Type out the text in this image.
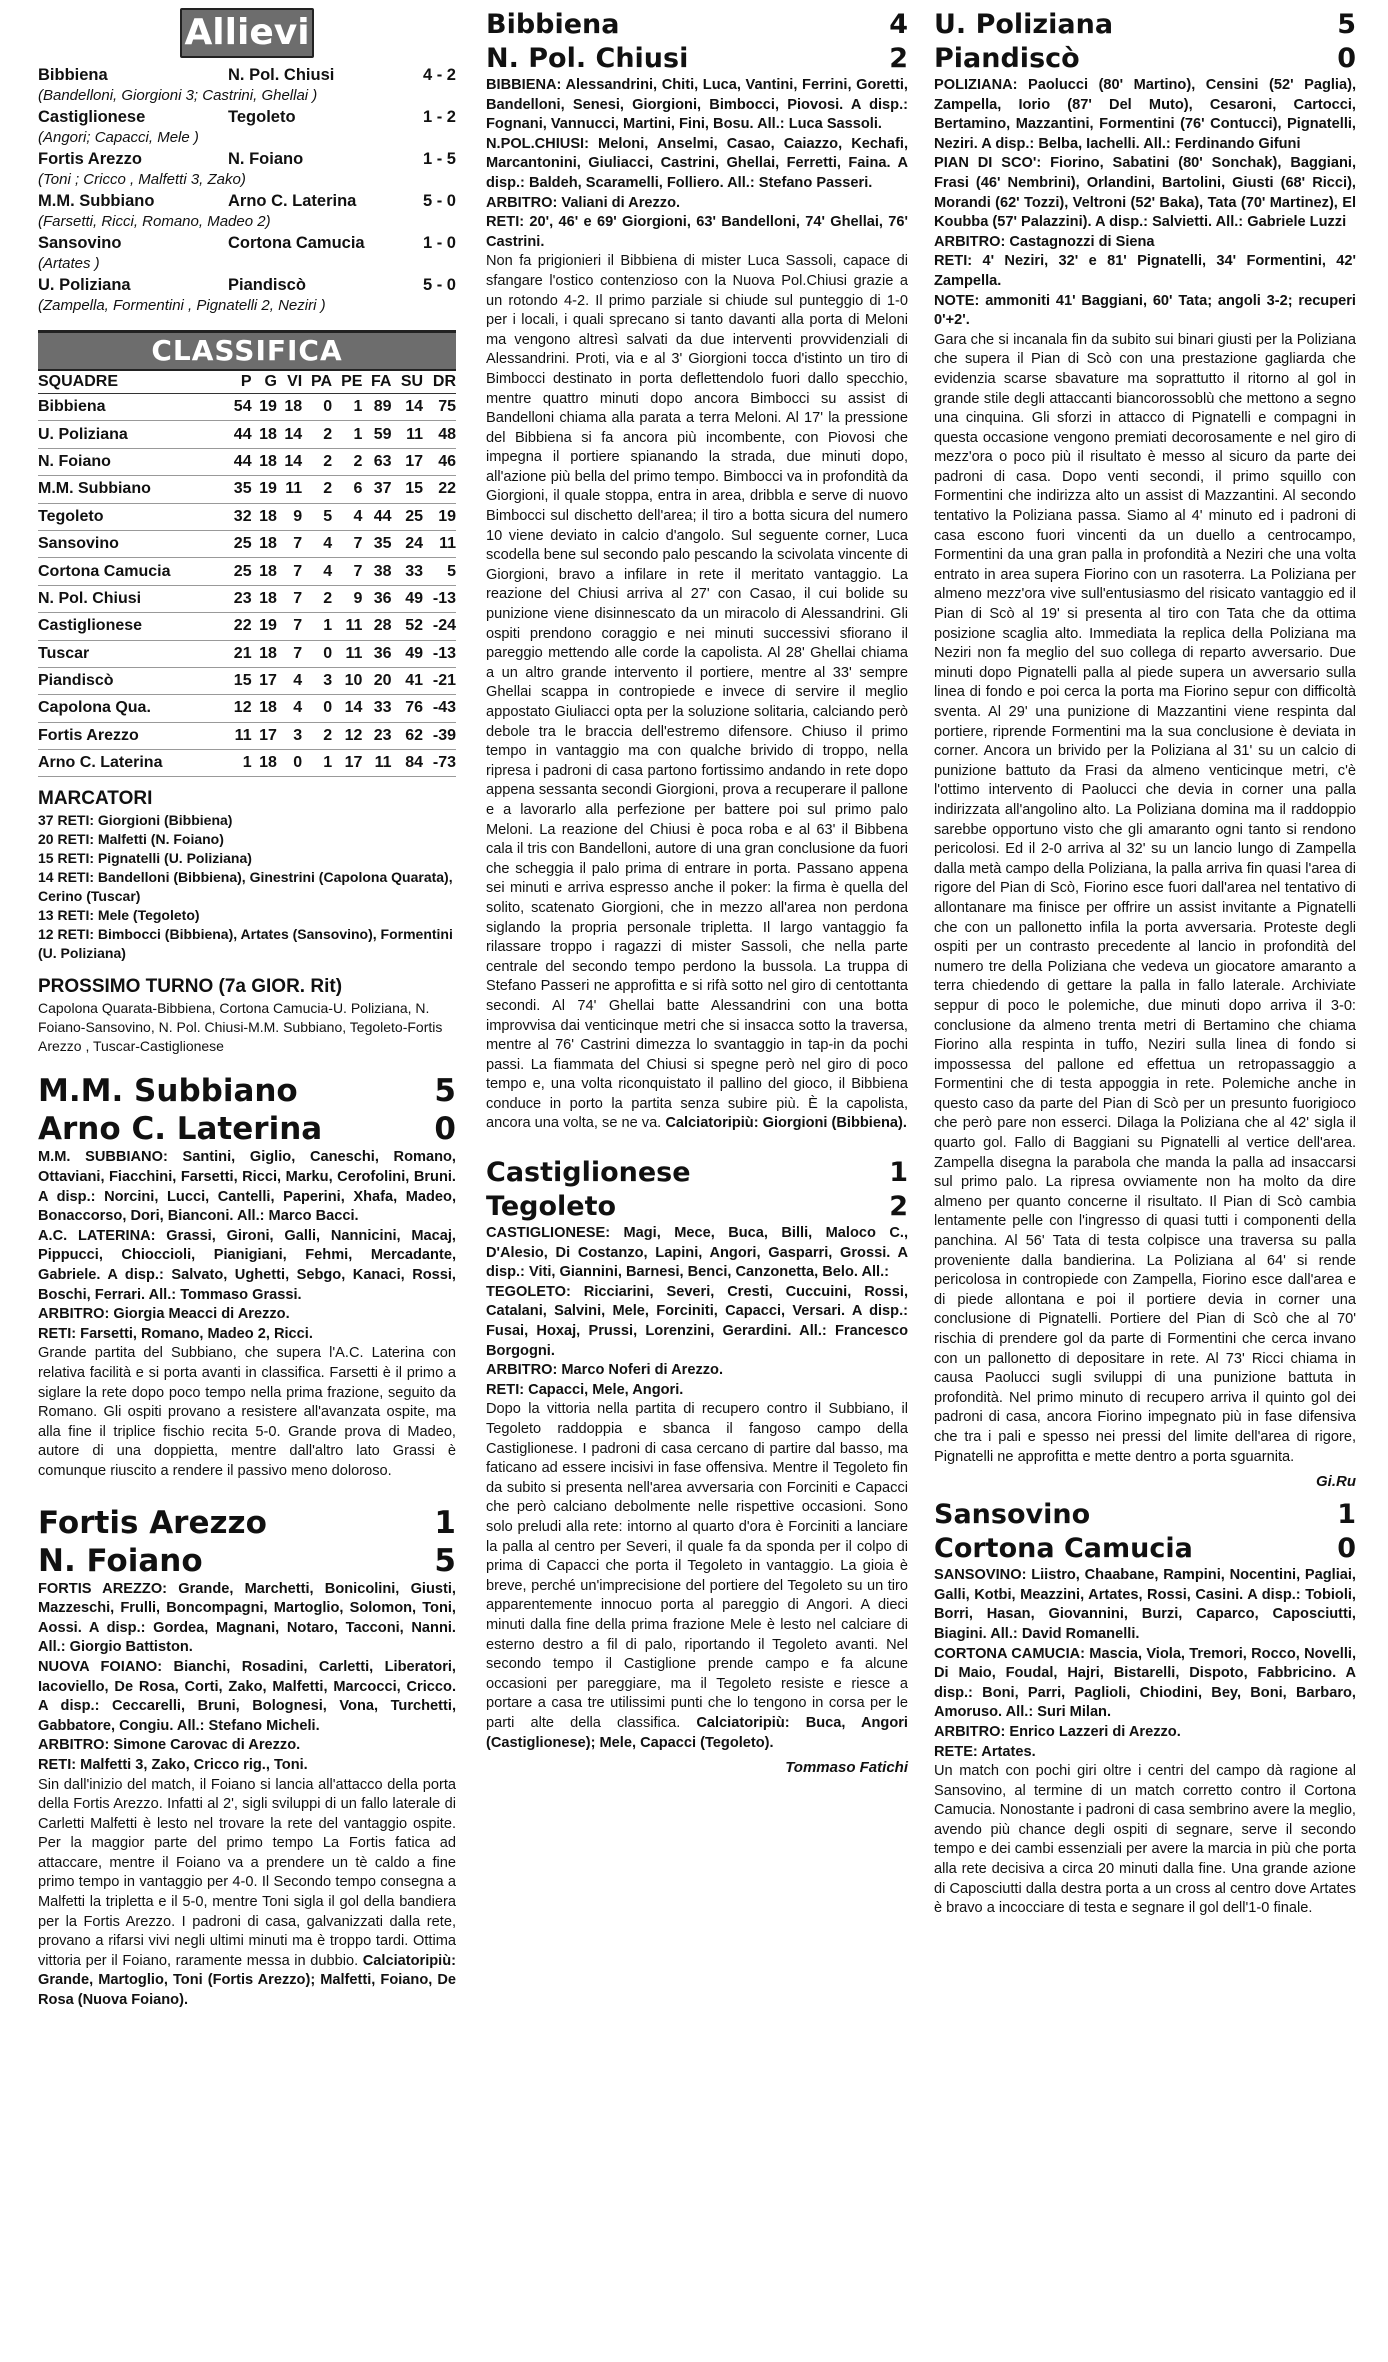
Allievi
Bibbiena	N. Pol. Chiusi	4 - 2
(Bandelloni, Giorgioni 3; Castrini, Ghellai )
Castiglionese	Tegoleto	1 - 2
(Angori; Capacci, Mele )
Fortis Arezzo	N. Foiano	1 - 5
(Toni ; Cricco , Malfetti 3, Zako)
M.M. Subbiano	Arno C. Laterina	5 - 0
(Farsetti, Ricci, Romano, Madeo 2)
Sansovino	Cortona Camucia	1 - 0
(Artates )
U. Poliziana	Piandiscò	5 - 0
(Zampella, Formentini , Pignatelli 2, Neziri )
CLASSIFICA
SQUADRE	P	G	VI	PA	PE	FA	SU	DR
Bibbiena	54	19	18	0	1	89	14	75
U. Poliziana	44	18	14	2	1	59	11	48
N. Foiano	44	18	14	2	2	63	17	46
M.M. Subbiano	35	19	11	2	6	37	15	22
Tegoleto	32	18	9	5	4	44	25	19
Sansovino	25	18	7	4	7	35	24	11
Cortona Camucia	25	18	7	4	7	38	33	5
N. Pol. Chiusi	23	18	7	2	9	36	49	-13
Castiglionese	22	19	7	1	11	28	52	-24
Tuscar	21	18	7	0	11	36	49	-13
Piandiscò	15	17	4	3	10	20	41	-21
Capolona Qua.	12	18	4	0	14	33	76	-43
Fortis Arezzo	11	17	3	2	12	23	62	-39
Arno C. Laterina	1	18	0	1	17	11	84	-73
MARCATORI
37 RETI: Giorgioni (Bibbiena)
20 RETI: Malfetti (N. Foiano)
15 RETI: Pignatelli (U. Poliziana)
14 RETI: Bandelloni (Bibbiena), Ginestrini (Capolona Quarata), Cerino (Tuscar)
13 RETI: Mele (Tegoleto)
12 RETI: Bimbocci (Bibbiena), Artates (Sansovino), Formentini (U. Poliziana)
PROSSIMO TURNO (7a GIOR. Rit)
Capolona Quarata-Bibbiena, Cortona Camucia-U. Poliziana, N. Foiano-Sansovino, N. Pol. Chiusi-M.M. Subbiano, Tegoleto-Fortis Arezzo , Tuscar-Castiglionese
M.M. Subbiano	5
Arno C. Laterina	0
M.M. SUBBIANO: Santini, Giglio, Caneschi, Romano, Ottaviani, Fiacchini, Farsetti, Ricci, Marku, Cerofolini, Bruni. A disp.: Norcini, Lucci, Cantelli, Paperini, Xhafa, Madeo, Bonaccorso, Dori, Bianconi. All.: Marco Bacci.
A.C. LATERINA: Grassi, Gironi, Galli, Nannicini, Macaj, Pippucci, Chioccioli, Pianigiani, Fehmi, Mercadante, Gabriele. A disp.: Salvato, Ughetti, Sebgo, Kanaci, Rossi, Boschi, Ferrari. All.: Tommaso Grassi.
ARBITRO: Giorgia Meacci di Arezzo.
RETI: Farsetti, Romano, Madeo 2, Ricci.
Grande partita del Subbiano, che supera l'A.C. Laterina con relativa facilità e si porta avanti in classifica. Farsetti è il primo a siglare la rete dopo poco tempo nella prima frazione, seguito da Romano. Gli ospiti provano a resistere all'avanzata ospite, ma alla fine il triplice fischio recita 5-0. Grande prova di Madeo, autore di una doppietta, mentre dall'altro lato Grassi è comunque riuscito a rendere il passivo meno doloroso.
Fortis Arezzo	1
N. Foiano	5
FORTIS AREZZO: Grande, Marchetti, Bonicolini, Giusti, Mazzeschi, Frulli, Boncompagni, Martoglio, Solomon, Toni, Aossi. A disp.: Gordea, Magnani, Notaro, Tacconi, Nanni. All.: Giorgio Battiston.
NUOVA FOIANO: Bianchi, Rosadini, Carletti, Liberatori, Iacoviello, De Rosa, Corti, Zako, Malfetti, Marcocci, Cricco. A disp.: Ceccarelli, Bruni, Bolognesi, Vona, Turchetti, Gabbatore, Congiu. All.: Stefano Micheli.
ARBITRO: Simone Carovac di Arezzo.
RETI: Malfetti 3, Zako, Cricco rig., Toni.
Sin dall'inizio del match, il Foiano si lancia all'attacco della porta della Fortis Arezzo. Infatti al 2', sigli sviluppi di un fallo laterale di Carletti Malfetti è lesto nel trovare la rete del vantaggio ospite. Per la maggior parte del primo tempo La Fortis fatica ad attaccare, mentre il Foiano va a prendere un tè caldo a fine primo tempo in vantaggio per 4-0. Il Secondo tempo consegna a Malfetti la tripletta e il 5-0, mentre Toni sigla il gol della bandiera per la Fortis Arezzo. I padroni di casa, galvanizzati dalla rete, provano a rifarsi vivi negli ultimi minuti ma è troppo tardi. Ottima vittoria per il Foiano, raramente messa in dubbio. Calciatoripiù: Grande, Martoglio, Toni (Fortis Arezzo); Malfetti, Foiano, De Rosa (Nuova Foiano).
Bibbiena	4
N. Pol. Chiusi	2
BIBBIENA: Alessandrini, Chiti, Luca, Vantini, Ferrini, Goretti, Bandelloni, Senesi, Giorgioni, Bimbocci, Piovosi. A disp.: Fognani, Vannucci, Martini, Fini, Bosu. All.: Luca Sassoli.
N.POL.CHIUSI: Meloni, Anselmi, Casao, Caiazzo, Kechafi, Marcantonini, Giuliacci, Castrini, Ghellai, Ferretti, Faina. A disp.: Baldeh, Scaramelli, Folliero. All.: Stefano Passeri.
ARBITRO: Valiani di Arezzo.
RETI: 20', 46' e 69' Giorgioni, 63' Bandelloni, 74' Ghellai, 76' Castrini.
Non fa prigionieri il Bibbiena di mister Luca Sassoli, capace di sfangare l'ostico contenzioso con la Nuova Pol.Chiusi grazie a un rotondo 4-2. Il primo parziale si chiude sul punteggio di 1-0 per i locali, i quali sprecano si tanto davanti alla porta di Meloni ma vengono altresì salvati da due interventi provvidenziali di Alessandrini. Proti, via e al 3' Giorgioni tocca d'istinto un tiro di Bimbocci destinato in porta deflettendolo fuori dallo specchio, mentre quattro minuti dopo ancora Bimbocci su assist di Bandelloni chiama alla parata a terra Meloni. Al 17' la pressione del Bibbiena si fa ancora più incombente, con Piovosi che impegna il portiere spianando la strada, due minuti dopo, all'azione più bella del primo tempo. Bimbocci va in profondità da Giorgioni, il quale stoppa, entra in area, dribbla e serve di nuovo Bimbocci sul dischetto dell'area; il tiro a botta sicura del numero 10 viene deviato in calcio d'angolo. Sul seguente corner, Luca scodella bene sul secondo palo pescando la scivolata vincente di Giorgioni, bravo a infilare in rete il meritato vantaggio. La reazione del Chiusi arriva al 27' con Casao, il cui bolide su punizione viene disinnescato da un miracolo di Alessandrini. Gli ospiti prendono coraggio e nei minuti successivi sfiorano il pareggio mettendo alle corde la capolista. Al 28' Ghellai chiama a un altro grande intervento il portiere, mentre al 33' sempre Ghellai scappa in contropiede e invece di servire il meglio appostato Giuliacci opta per la soluzione solitaria, calciando però debole tra le braccia dell'estremo difensore. Chiuso il primo tempo in vantaggio ma con qualche brivido di troppo, nella ripresa i padroni di casa partono fortissimo andando in rete dopo appena sessanta secondi Giorgioni, prova a recuperare il pallone e a lavorarlo alla perfezione per battere poi sul primo palo Meloni. La reazione del Chiusi è poca roba e al 63' il Bibbena cala il tris con Bandelloni, autore di una gran conclusione da fuori che scheggia il palo prima di entrare in porta. Passano appena sei minuti e arriva espresso anche il poker: la firma è quella del solito, scatenato Giorgioni, che in mezzo all'area non perdona siglando la propria personale tripletta. Il largo vantaggio fa rilassare troppo i ragazzi di mister Sassoli, che nella parte centrale del secondo tempo perdono la bussola. La truppa di Stefano Passeri ne approfitta e si rifà sotto nel giro di centottanta secondi. Al 74' Ghellai batte Alessandrini con una botta improvvisa dai venticinque metri che si insacca sotto la traversa, mentre al 76' Castrini dimezza lo svantaggio in tap-in da pochi passi. La fiammata del Chiusi si spegne però nel giro di poco tempo e, una volta riconquistato il pallino del gioco, il Bibbiena conduce in porto la partita senza subire più. È la capolista, ancora una volta, se ne va. Calciatoripiù: Giorgioni (Bibbiena).
Castiglionese	1
Tegoleto	2
CASTIGLIONESE: Magi, Mece, Buca, Billi, Maloco C., D'Alesio, Di Costanzo, Lapini, Angori, Gasparri, Grossi. A disp.: Viti, Giannini, Barnesi, Benci, Canzonetta, Belo. All.:
TEGOLETO: Ricciarini, Severi, Cresti, Cuccuini, Rossi, Catalani, Salvini, Mele, Forciniti, Capacci, Versari. A disp.: Fusai, Hoxaj, Prussi, Lorenzini, Gerardini. All.: Francesco Borgogni.
ARBITRO: Marco Noferi di Arezzo.
RETI: Capacci, Mele, Angori.
Dopo la vittoria nella partita di recupero contro il Subbiano, il Tegoleto raddoppia e sbanca il fangoso campo della Castiglionese. I padroni di casa cercano di partire dal basso, ma faticano ad essere incisivi in fase offensiva. Mentre il Tegoleto fin da subito si presenta nell'area avversaria con Forciniti e Capacci che però calciano debolmente nelle rispettive occasioni. Sono solo preludi alla rete: intorno al quarto d'ora è Forciniti a lanciare la palla al centro per Severi, il quale fa da sponda per il colpo di prima di Capacci che porta il Tegoleto in vantaggio. La gioia è breve, perché un'imprecisione del portiere del Tegoleto su un tiro apparentemente innocuo porta al pareggio di Angori. A dieci minuti dalla fine della prima frazione Mele è lesto nel calciare di esterno destro a fil di palo, riportando il Tegoleto avanti. Nel secondo tempo il Castiglione prende campo e fa alcune occasioni per pareggiare, ma il Tegoleto resiste e riesce a portare a casa tre utilissimi punti che lo tengono in corsa per le parti alte della classifica. Calciatoripiù: Buca, Angori (Castiglionese); Mele, Capacci (Tegoleto).
Tommaso Fatichi
U. Poliziana	5
Piandiscò	0
POLIZIANA: Paolucci (80' Martino), Censini (52' Paglia), Zampella, Iorio (87' Del Muto), Cesaroni, Cartocci, Bertamino, Mazzantini, Formentini (76' Contucci), Pignatelli, Neziri. A disp.: Belba, Iachelli. All.: Ferdinando Gifuni
PIAN DI SCO': Fiorino, Sabatini (80' Sonchak), Baggiani, Frasi (46' Nembrini), Orlandini, Bartolini, Giusti (68' Ricci), Morandi (62' Tozzi), Veltroni (52' Baka), Tata (70' Martinez), El Koubba (57' Palazzini). A disp.: Salvietti. All.: Gabriele Luzzi
ARBITRO: Castagnozzi di Siena
RETI: 4' Neziri, 32' e 81' Pignatelli, 34' Formentini, 42' Zampella.
NOTE: ammoniti 41' Baggiani, 60' Tata; angoli 3-2; recuperi 0'+2'.
Gara che si incanala fin da subito sui binari giusti per la Poliziana che supera il Pian di Scò con una prestazione gagliarda che evidenzia scarse sbavature ma soprattutto il ritorno al gol in grande stile degli attaccanti biancorossoblù che mettono a segno una cinquina. Gli sforzi in attacco di Pignatelli e compagni in questa occasione vengono premiati decorosamente e nel giro di mezz'ora o poco più il risultato è messo al sicuro da parte dei padroni di casa. Dopo venti secondi, il primo squillo con Formentini che indirizza alto un assist di Mazzantini. Al secondo tentativo la Poliziana passa. Siamo al 4' minuto ed i padroni di casa escono fuori vincenti da un duello a centrocampo, Formentini da una gran palla in profondità a Neziri che una volta entrato in area supera Fiorino con un rasoterra. La Poliziana per almeno mezz'ora vive sull'entusiasmo del risicato vantaggio ed il Pian di Scò al 19' si presenta al tiro con Tata che da ottima posizione scaglia alto. Immediata la replica della Poliziana ma Neziri non fa meglio del suo collega di reparto avversario. Due minuti dopo Pignatelli palla al piede supera un avversario sulla linea di fondo e poi cerca la porta ma Fiorino sepur con difficoltà sventa. Al 29' una punizione di Mazzantini viene respinta dal portiere, riprende Formentini ma la sua conclusione è deviata in corner. Ancora un brivido per la Poliziana al 31' su un calcio di punizione battuto da Frasi da almeno venticinque metri, c'è l'ottimo intervento di Paolucci che devia in corner una palla indirizzata all'angolino alto. La Poliziana domina ma il raddoppio sarebbe opportuno visto che gli amaranto ogni tanto si rendono pericolosi. Ed il 2-0 arriva al 32' su un lancio lungo di Zampella dalla metà campo della Poliziana, la palla arriva fin quasi l'area di rigore del Pian di Scò, Fiorino esce fuori dall'area nel tentativo di allontanare ma finisce per offrire un assist invitante a Pignatelli che con un pallonetto infila la porta avversaria. Proteste degli ospiti per un contrasto precedente al lancio in profondità del numero tre della Poliziana che vedeva un giocatore amaranto a terra chiedendo di gettare la palla in fallo laterale. Archiviate seppur di poco le polemiche, due minuti dopo arriva il 3-0: conclusione da almeno trenta metri di Bertamino che chiama Fiorino alla respinta in tuffo, Neziri sulla linea di fondo si impossessa del pallone ed effettua un retropassaggio a Formentini che di testa appoggia in rete. Polemiche anche in questo caso da parte del Pian di Scò per un presunto fuorigioco che però pare non esserci. Dilaga la Poliziana che al 42' sigla il quarto gol. Fallo di Baggiani su Pignatelli al vertice dell'area. Zampella disegna la parabola che manda la palla ad insaccarsi sul primo palo. La ripresa ovviamente non ha molto da dire almeno per quanto concerne il risultato. Il Pian di Scò cambia lentamente pelle con l'ingresso di quasi tutti i componenti della panchina. Al 56' Tata di testa colpisce una traversa su palla proveniente dalla bandierina. La Poliziana al 64' si rende pericolosa in contropiede con Zampella, Fiorino esce dall'area e di piede allontana e poi il portiere devia in corner una conclusione di Pignatelli. Portiere del Pian di Scò che al 70' rischia di prendere gol da parte di Formentini che cerca invano con un pallonetto di depositare in rete. Al 73' Ricci chiama in causa Paolucci sugli sviluppi di una punizione battuta in profondità. Nel primo minuto di recupero arriva il quinto gol dei padroni di casa, ancora Fiorino impegnato più in fase difensiva che tra i pali e spesso nei pressi del limite dell'area di rigore, Pignatelli ne approfitta e mette dentro a porta sguarnita.
Gi.Ru
Sansovino	1
Cortona Camucia	0
SANSOVINO: Liistro, Chaabane, Rampini, Nocentini, Pagliai, Galli, Kotbi, Meazzini, Artates, Rossi, Casini. A disp.: Tobioli, Borri, Hasan, Giovannini, Burzi, Caparco, Caposciutti, Biagini. All.: David Romanelli.
CORTONA CAMUCIA: Mascia, Viola, Tremori, Rocco, Novelli, Di Maio, Foudal, Hajri, Bistarelli, Dispoto, Fabbricino. A disp.: Boni, Parri, Paglioli, Chiodini, Bey, Boni, Barbaro, Amoruso. All.: Suri Milan.
ARBITRO: Enrico Lazzeri di Arezzo.
RETE: Artates.
Un match con pochi giri oltre i centri del campo dà ragione al Sansovino, al termine di un match corretto contro il Cortona Camucia. Nonostante i padroni di casa sembrino avere la meglio, avendo più chance degli ospiti di segnare, serve il secondo tempo e dei cambi essenziali per avere la marcia in più che porta alla rete decisiva a circa 20 minuti dalla fine. Una grande azione di Caposciutti dalla destra porta a un cross al centro dove Artates è bravo a incocciare di testa e segnare il gol dell'1-0 finale.
